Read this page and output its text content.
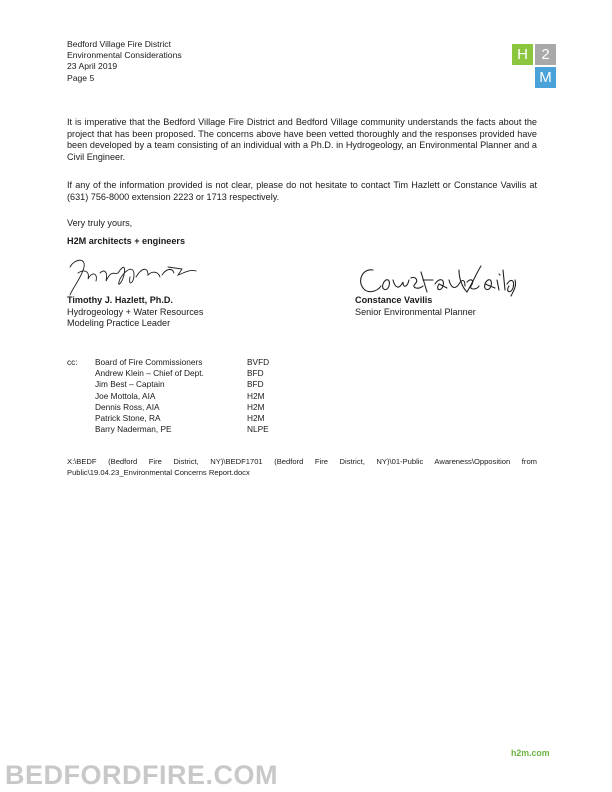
Bedford Village Fire District
Environmental Considerations
23 April 2019
Page 5
H 2
M
It is imperative that the Bedford Village Fire District and Bedford Village community understands the facts about the project that has been proposed. The concerns above have been vetted thoroughly and the responses provided have been developed by a team consisting of an individual with a Ph.D. in Hydrogeology, an Environmental Planner and a Civil Engineer.
If any of the information provided is not clear, please do not hesitate to contact Tim Hazlett or Constance Vavilis at (631) 756-8000 extension 2223 or 1713 respectively.
Very truly yours,
H2M architects + engineers
Timothy J. Hazlett, Ph.D.
Hydrogeology + Water Resources
Modeling Practice Leader
Constance Vavilis
Senior Environmental Planner
cc: Board of Fire Commissioners	BVFD
Andrew Klein – Chief of Dept.	BFD
Jim Best – Captain	BFD
Joe Mottola, AIA	H2M
Dennis Ross, AIA	H2M
Patrick Stone, RA	H2M
Barry Naderman, PE	NLPE
X:\BEDF (Bedford Fire District, NY)\BEDF1701 (Bedford Fire District, NY)\01-Public Awareness\Opposition from Public\19.04.23_Environmental Concerns Report.docx
h2m.com
BEDFORDFIRE.COM
